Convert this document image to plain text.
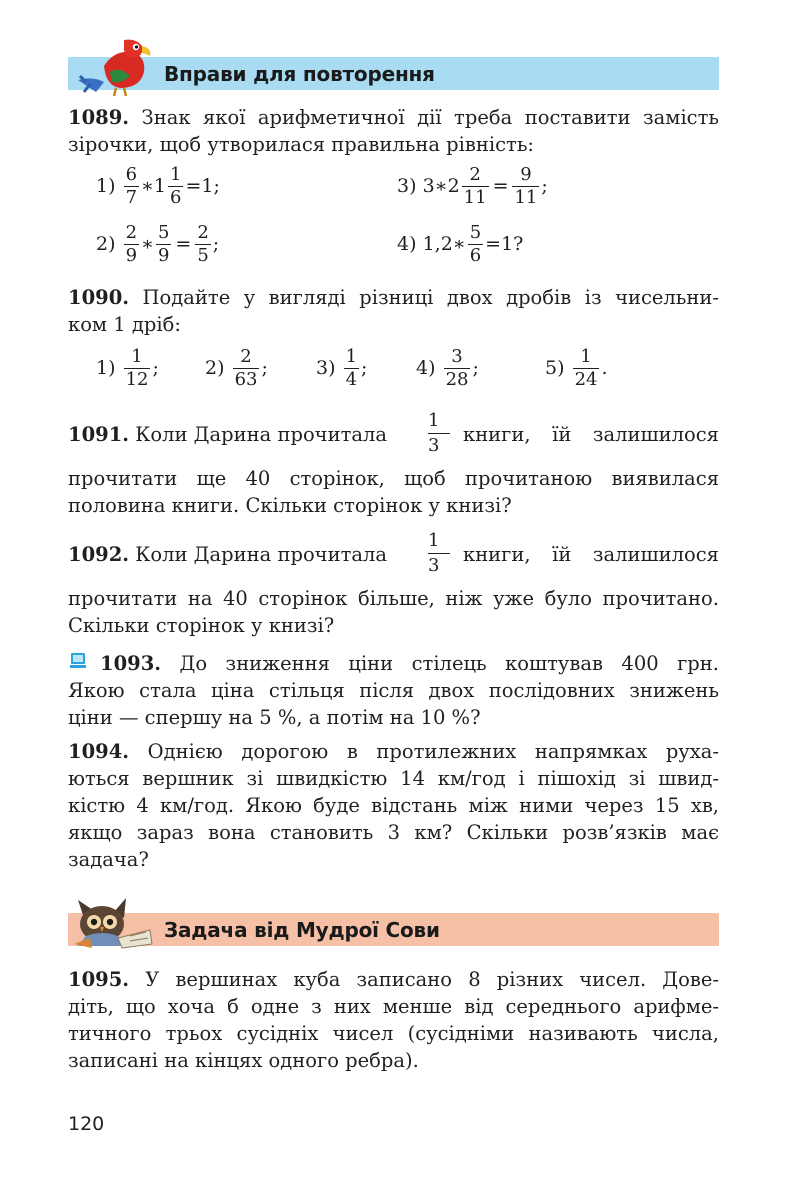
Вправи для повторення
1089. Знак якої арифметичної дії треба поставити замість
зірочки, щоб утворилася правильна рівність:
1)
$\frac{6}{7}$ ∗1 $\frac{1}{6} =1$;	3)
3∗2 $\frac{2}{11} = \frac{9}{11}$ ;
2)
$\frac{2}{9}$ ∗ $\frac{5}{9} = \frac{2}{5}$ ;	4)
1,2∗ $\frac{5}{6} =1$?
1090. Подайте у вигляді різниці двох дробів із чисельни-
ком 1 дріб:
1)
$\frac{1}{12}$ ; 2)
$\frac{2}{63}$ ;	3)
$\frac{1}{4}$ ;	4)
$\frac{3}{28}$ ;	5)
$\frac{1}{24}$ .
1091. Коли Дарина прочитала $\frac{1}{3}$ книги, їй залишилося
прочитати ще 40 сторінок, щоб прочитаною виявилася
половина книги. Скільки сторінок у книзі?
1092. Коли Дарина прочитала $\frac{1}{3}$ книги, їй залишилося
прочитати на 40 сторінок більше, ніж уже було прочитано.
Скільки сторінок у книзі?
1093. До зниження ціни стілець коштував 400 грн.
Якою стала ціна стільця після двох послідовних знижень
ціни — спершу на 5 %, а потім на 10 %?
1094. Однією дорогою в протилежних напрямках руха-
ються вершник зі швидкістю 14 км/год і пішохід зі швид-
кістю 4 км/год. Якою буде відстань між ними через 15 хв,
якщо зараз вона становить 3 км? Скільки розв’язків має
задача?
Задача від Мудрої Сови
1095. У вершинах куба записано 8 різних чисел. Дове-
діть, що хоча б одне з них менше від середнього арифме-
тичного трьох сусідніх чисел (сусідніми називають числа,
записані на кінцях одного ребра).
120
